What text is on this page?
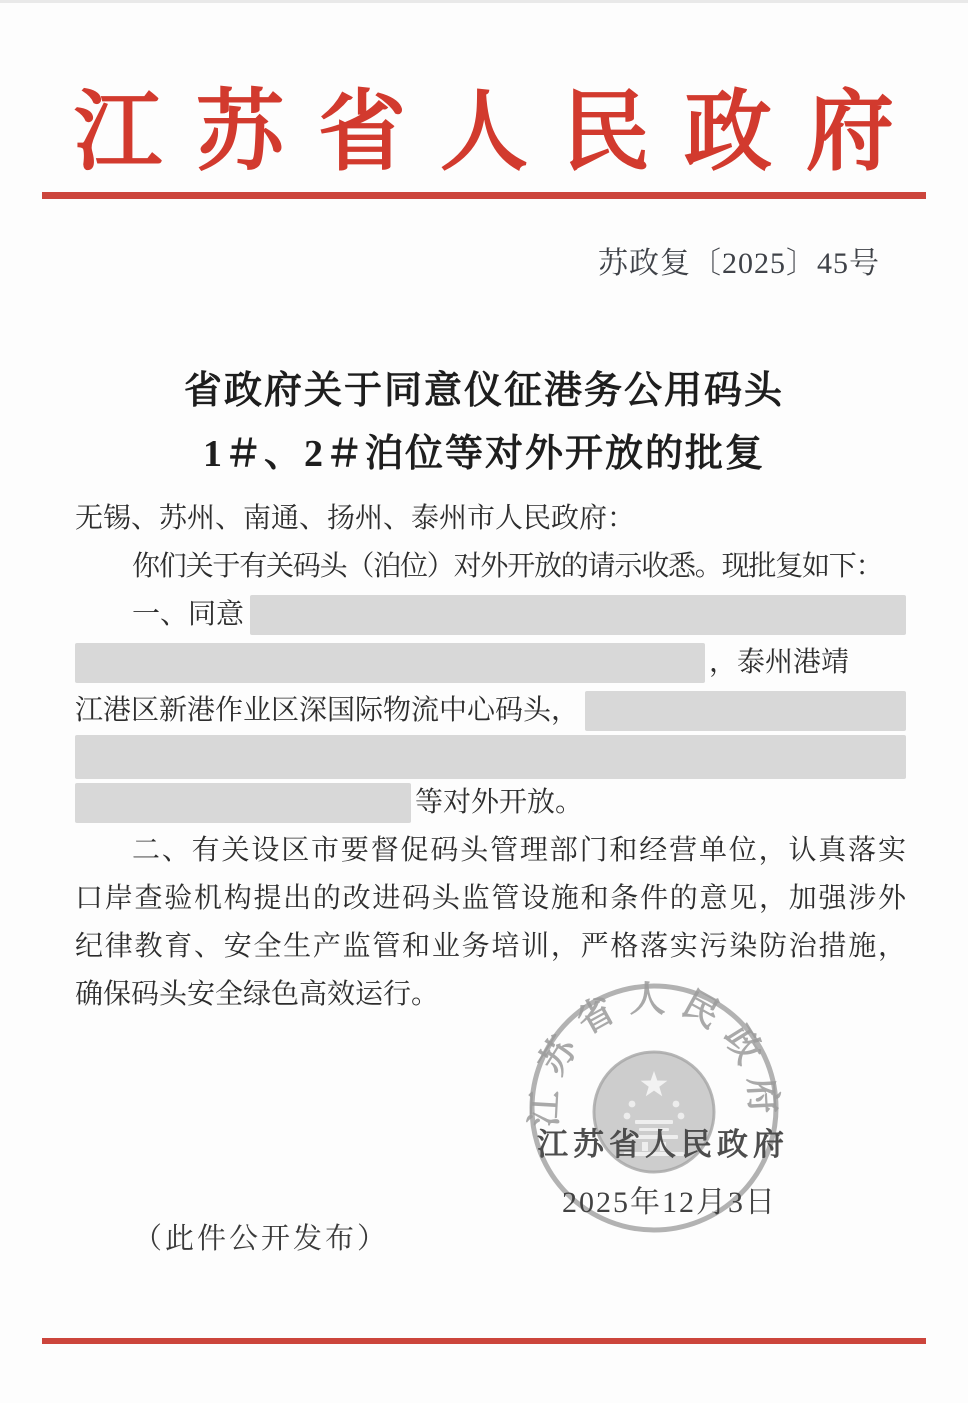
江苏省人民政府
苏政复〔2025〕45号
省政府关于同意仪征港务公用码头
1＃、2＃泊位等对外开放的批复
无锡、苏州、南通、扬州、泰州市人民政府：
你们关于有关码头（泊位）对外开放的请示收悉。现批复如下：
一、同意
，泰州港靖
江港区新港作业区深国际物流中心码头，
等对外开放。
二、有关设区市要督促码头管理部门和经营单位，认真落实
口岸查验机构提出的改进码头监管设施和条件的意见，加强涉外
纪律教育、安全生产监管和业务培训，严格落实污染防治措施，
确保码头安全绿色高效运行。
江苏省人民政府
江苏省人民政府
2025年12月3日
（此件公开发布）
